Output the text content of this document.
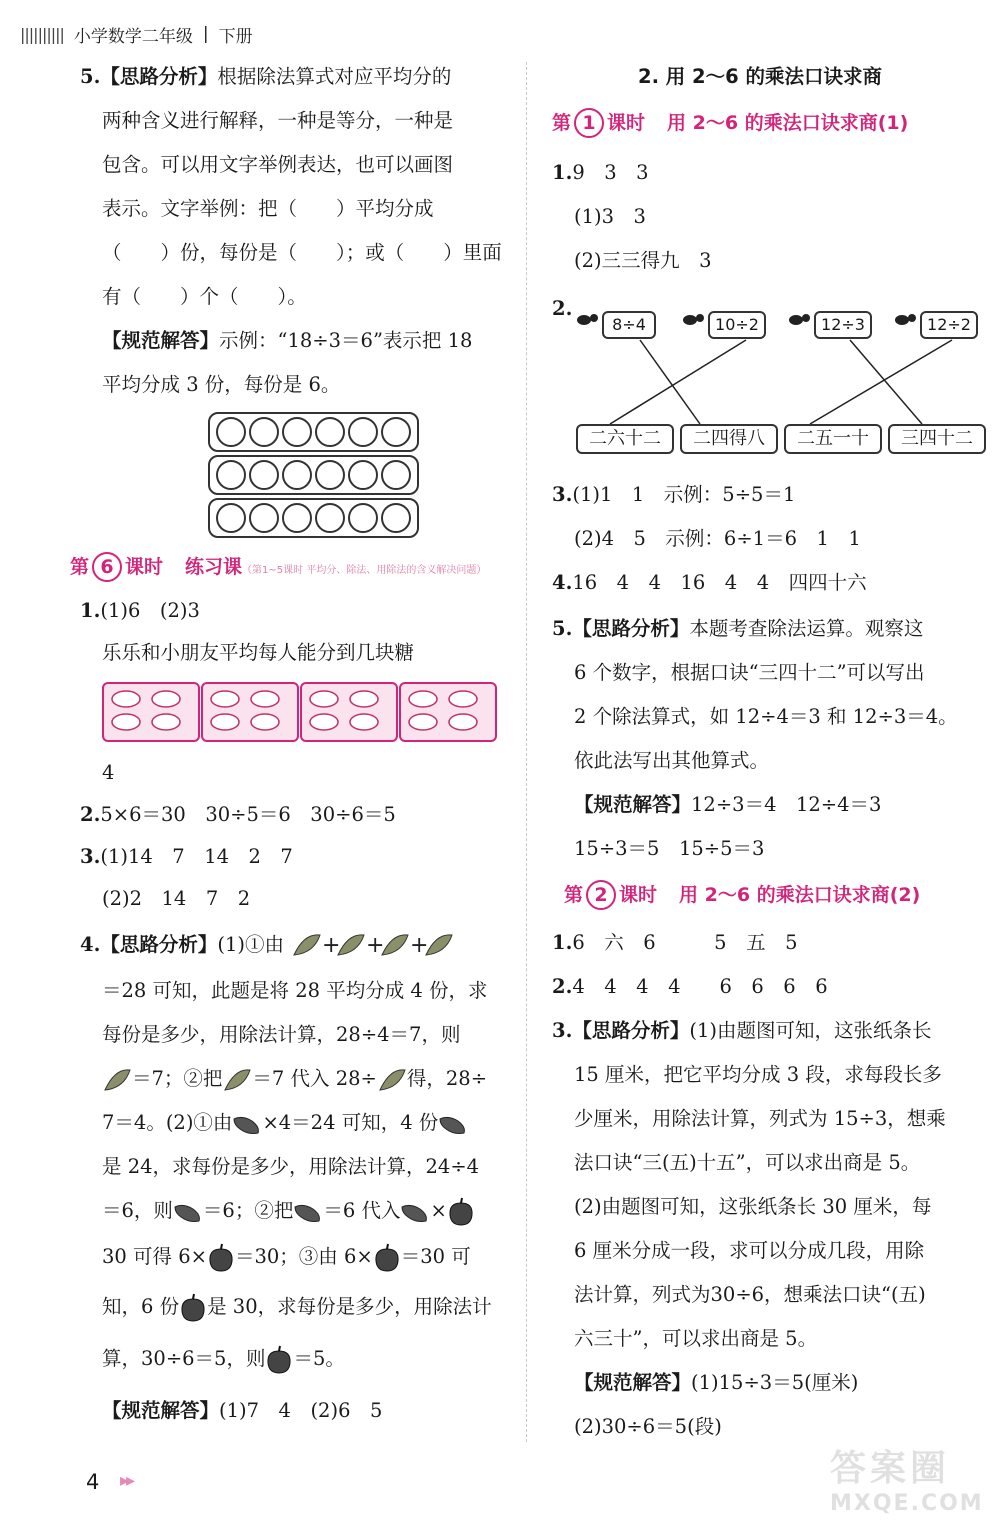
|||||||||| 小学数学二年级 | 下册
5.【思路分析】根据除法算式对应平均分的
两种含义进行解释，一种是等分，一种是
包含。可以用文字举例表达，也可以画图
表示。文字举例：把（　　）平均分成
（　　）份，每份是（　　）；或（　　）里面
有（　　）个（　　）。
【规范解答】示例：“18÷3＝6”表示把 18
平均分成 3 份，每份是 6。
第 6 课时 练习课（第1~5课时 平均分、除法、用除法的含义解决问题）
1.(1)6　(2)3
乐乐和小朋友平均每人能分到几块糖
4
2.5×6＝30　30÷5＝6　30÷6＝5
3.(1)14　7　14　2　7
(2)2　14　7　2
4.【思路分析】(1)①由 + + +
＝28 可知，此题是将 28 平均分成 4 份，求
每份是多少，用除法计算，28÷4＝7，则
＝7；②把 ＝7 代入 28÷ 得，28÷
7＝4。(2)①由 ×4＝24 可知，4 份
是 24，求每份是多少，用除法计算，24÷4
＝6，则 ＝6；②把 ＝6 代入 ×
30 可得 6× ＝30；③由 6× ＝30 可
知，6 份 是 30，求每份是多少，用除法计
算，30÷6＝5，则 ＝5。
【规范解答】(1)7　4　(2)6　5
2. 用 2～6 的乘法口诀求商
第 1 课时 用 2～6 的乘法口诀求商(1)
1.9　3　3
(1)3　3
(2)三三得九　3
2.
8÷4	10÷2	12÷3	12÷2
二六十二	二四得八	二五一十	三四十二
3.(1)1　1　示例：5÷5＝1
(2)4　5　示例：6÷1＝6　1　1
4.16　4　4　16　4　4　四四十六
5.【思路分析】本题考查除法运算。观察这
6 个数字，根据口诀“三四十二”可以写出
2 个除法算式，如 12÷4＝3 和 12÷3＝4。
依此法写出其他算式。
【规范解答】12÷3＝4　12÷4＝3
15÷3＝5　15÷5＝3
第 2 课时 用 2～6 的乘法口诀求商(2)
1.6　六　6　　　5　五　5
2.4　4　4　4　　6　6　6　6
3.【思路分析】(1)由题图可知，这张纸条长
15 厘米，把它平均分成 3 段，求每段长多
少厘米，用除法计算，列式为 15÷3，想乘
法口诀“三(五)十五”，可以求出商是 5。
(2)由题图可知，这张纸条长 30 厘米，每
6 厘米分成一段，求可以分成几段，用除
法计算，列式为30÷6，想乘法口诀“(五)
六三十”，可以求出商是 5。
【规范解答】(1)15÷3＝5(厘米)
(2)30÷6＝5(段)
4 ▸▸	答案圈
MXQE.COM
